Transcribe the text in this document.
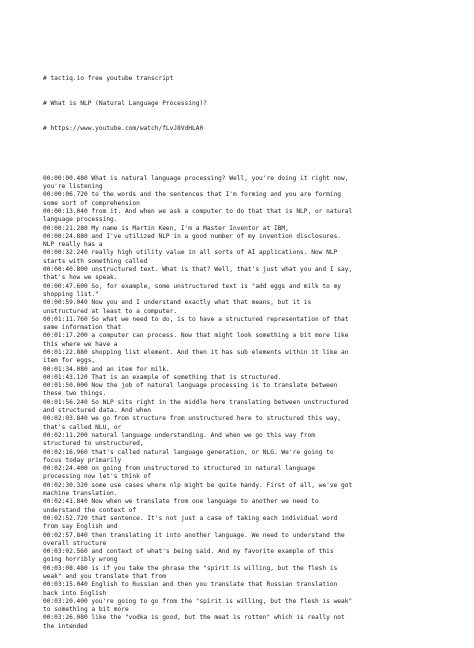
# tactiq.io free youtube transcript

# What is NLP (Natural Language Processing)?

# https://www.youtube.com/watch/fLvJ8VdHLA0

00:00:00.480 What is natural language processing? Well, you're doing it right now,
you're listening
00:00:06.720 to the words and the sentences that I'm forming and you are forming
some sort of comprehension
00:00:13.040 from it. And when we ask a computer to do that that is NLP, or natural
language processing.
00:00:21.280 My name is Martin Keen, I'm a Master Inventor at IBM,
00:00:24.880 and I've utilized NLP in a good number of my invention disclosures.
NLP really has a
00:00:32.240 really high utility value in all sorts of AI applications. Now NLP
starts with something called
00:00:40.800 unstructured text. What is that? Well, that's just what you and I say,
that's how we speak.
00:00:47.600 So, for example, some unstructured text is "add eggs and milk to my
shopping list."
00:00:59.040 Now you and I understand exactly what that means, but it is
unstructured at least to a computer.
00:01:11.760 So what we need to do, is to have a structured representation of that
same information that
00:01:17.200 a computer can process. Now that might look something a bit more like
this where we have a
00:01:22.880 shopping list element. And then it has sub elements within it like an
item for eggs,
00:01:34.080 and an item for milk.
00:01:43.120 That is an example of something that is structured.
00:01:50.000 Now the job of natural language processing is to translate between
these two things.
00:01:56.240 So NLP sits right in the middle here translating between unstructured
and structured data. And when
00:02:03.840 we go from structure from unstructured here to structured this way,
that's called NLU, or
00:02:11.200 natural language understanding. And when we go this way from
structured to unstructured,
00:02:16.960 that's called natural language generation, or NLG. We're going to
focus today primarily
00:02:24.400 on going from unstructured to structured in natural language
processing now let's think of
00:02:30.320 some use cases where nlp might be quite handy. First of all, we've got
machine translation.
00:02:41.840 Now when we translate from one language to another we need to
understand the context of
00:02:52.720 that sentence. It's not just a case of taking each individual word
from say English and
00:02:57.840 then translating it into another language. We need to understand the
overall structure
00:03:02.560 and context of what's being said. And my favorite example of this
going horribly wrong
00:03:08.480 is if you take the phrase the "spirit is willing, but the flesh is
weak" and you translate that from
00:03:15.040 English to Russian and then you translate that Russian translation
back into English
00:03:20.400 you're going to go from the "spirit is willing, but the flesh is weak"
to something a bit more
00:03:26.080 like the "vodka is good, but the meat is rotten" which is really not
the intended
